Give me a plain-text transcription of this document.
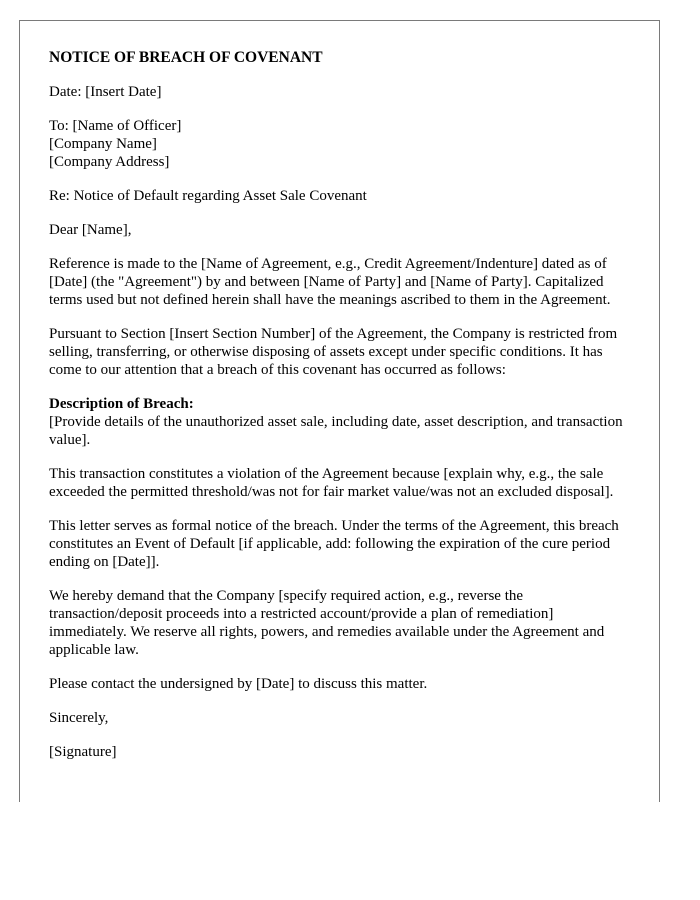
NOTICE OF BREACH OF COVENANT

Date: [Insert Date]

To: [Name of Officer]
[Company Name]
[Company Address]

Re: Notice of Default regarding Asset Sale Covenant

Dear [Name],

Reference is made to the [Name of Agreement, e.g., Credit Agreement/Indenture] dated as of [Date] (the "Agreement") by and between [Name of Party] and [Name of Party]. Capitalized terms used but not defined herein shall have the meanings ascribed to them in the Agreement.

Pursuant to Section [Insert Section Number] of the Agreement, the Company is restricted from selling, transferring, or otherwise disposing of assets except under specific conditions. It has come to our attention that a breach of this covenant has occurred as follows:

Description of Breach:
[Provide details of the unauthorized asset sale, including date, asset description, and transaction value].

This transaction constitutes a violation of the Agreement because [explain why, e.g., the sale exceeded the permitted threshold/was not for fair market value/was not an excluded disposal].

This letter serves as formal notice of the breach. Under the terms of the Agreement, this breach constitutes an Event of Default [if applicable, add: following the expiration of the cure period ending on [Date]].

We hereby demand that the Company [specify required action, e.g., reverse the transaction/deposit proceeds into a restricted account/provide a plan of remediation] immediately. We reserve all rights, powers, and remedies available under the Agreement and applicable law.

Please contact the undersigned by [Date] to discuss this matter.

Sincerely,

[Signature]
